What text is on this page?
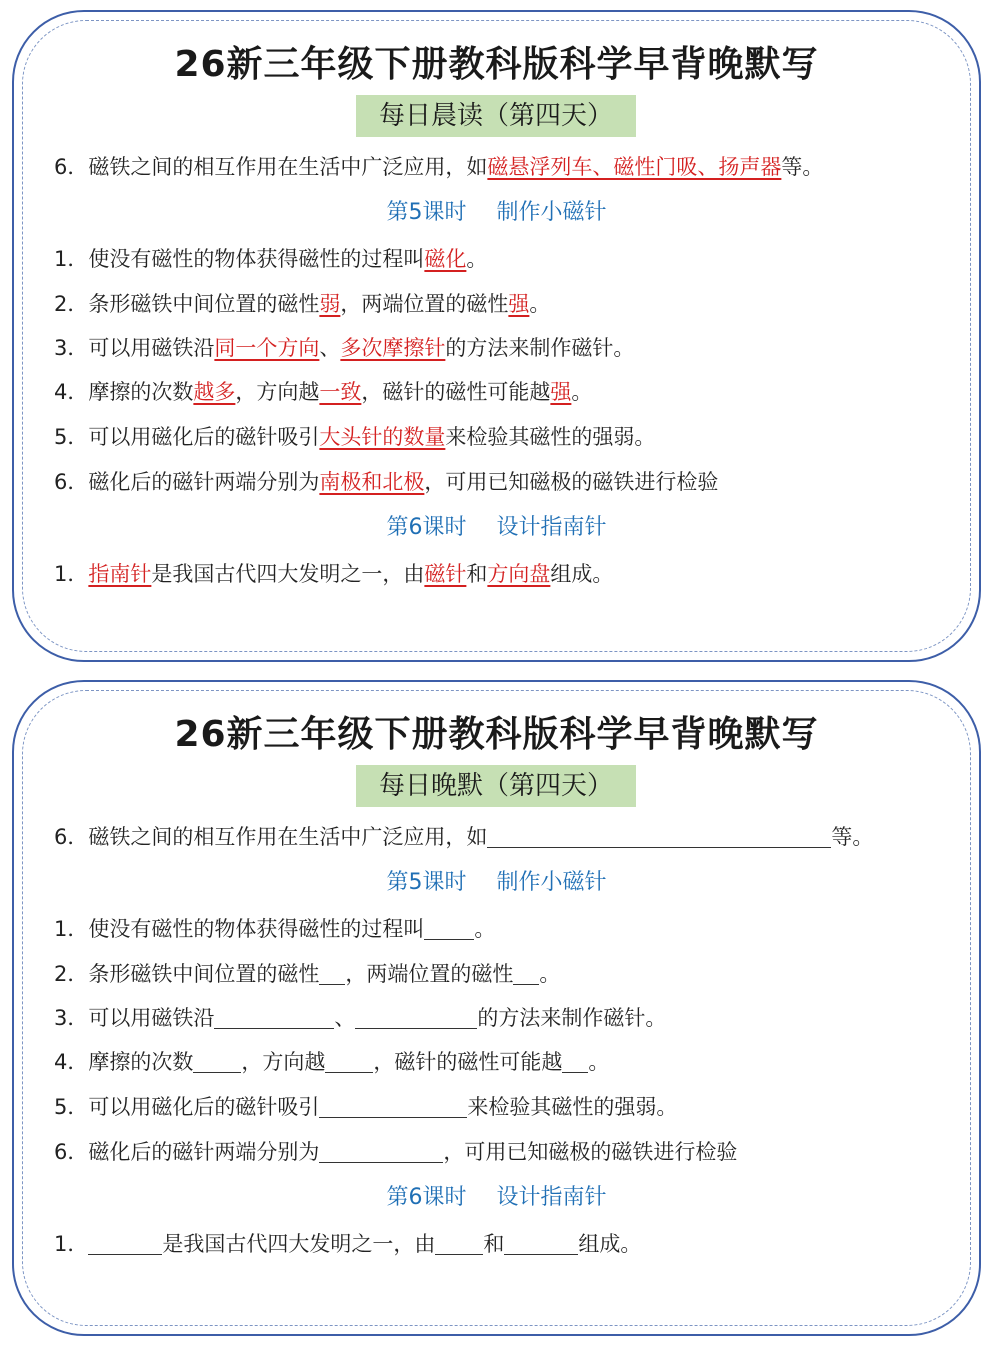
26新三年级下册教科版科学早背晚默写
每日晨读（第四天）
6．磁铁之间的相互作用在生活中广泛应用，如磁悬浮列车、磁性门吸、扬声器等。
第5课时 制作小磁针
1．使没有磁性的物体获得磁性的过程叫磁化。
2．条形磁铁中间位置的磁性弱，两端位置的磁性强。
3．可以用磁铁沿同一个方向、多次摩擦针的方法来制作磁针。
4．摩擦的次数越多，方向越一致，磁针的磁性可能越强。
5．可以用磁化后的磁针吸引大头针的数量来检验其磁性的强弱。
6．磁化后的磁针两端分别为南极和北极，可用已知磁极的磁铁进行检验
第6课时 设计指南针
1．指南针是我国古代四大发明之一，由磁针和方向盘组成。
26新三年级下册教科版科学早背晚默写
每日晚默（第四天）
6．磁铁之间的相互作用在生活中广泛应用，如	等。
第5课时 制作小磁针
1．使没有磁性的物体获得磁性的过程叫 。
2．条形磁铁中间位置的磁性 ，两端位置的磁性 。
3．可以用磁铁沿	、	的方法来制作磁针。
4．摩擦的次数 ，方向越 ，磁针的磁性可能越 。
5．可以用磁化后的磁针吸引	来检验其磁性的强弱。
6．磁化后的磁针两端分别为	，可用已知磁极的磁铁进行检验
第6课时 设计指南针
1．	是我国古代四大发明之一，由 和	组成。
